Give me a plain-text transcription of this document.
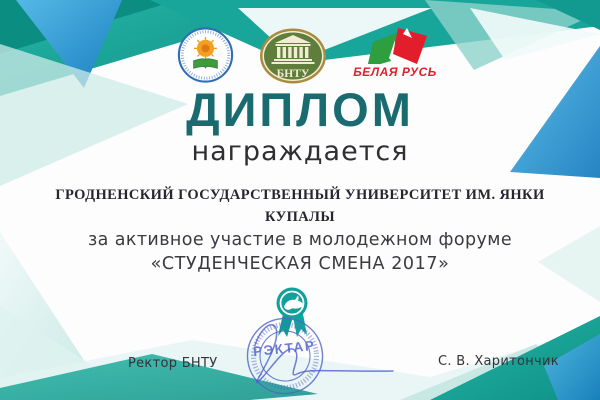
БНТУ	БЕЛАЯ РУСЬ
ДИПЛОМ
награждается
ГРОДНЕНСКИЙ ГОСУДАРСТВЕННЫЙ УНИВЕРСИТЕТ ИМ. ЯНКИ КУПАЛЫ
за активное участие в молодежном форуме
«СТУДЕНЧЕСКАЯ СМЕНА 2017»
РЭКТАР
Ректор БНТУ	С. В. Харитончик
